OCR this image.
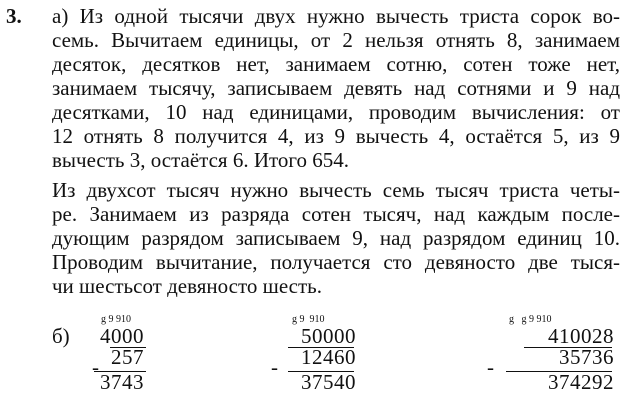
3. а) Из одной тысячи двух нужно вычесть триста сорок во-
семь. Вычитаем единицы, от 2 нельзя отнять 8, занимаем
десяток, десятков нет, занимаем сотню, сотен тоже нет,
занимаем тысячу, записываем девять над сотнями и 9 над
десятками, 10 над единицами, проводим вычисления: от
12 отнять 8 получится 4, из 9 вычесть 4, остаётся 5, из 9
вычесть 3, остаётся 6. Итого 654.
Из двухсот тысяч нужно вычесть семь тысяч триста четы-
ре. Занимаем из разряда сотен тысяч, над каждым после-
дующим разрядом записываем 9, над разрядом единиц 10.
Проводим вычитание, получается сто девяносто две тыся-
чи шестьсот девяносто шесть.
б)
g 9 910
4000
257
-
3743
g 9  910
50000
12460
-
37540
g   g 9 910
410028
35736
-
374292
